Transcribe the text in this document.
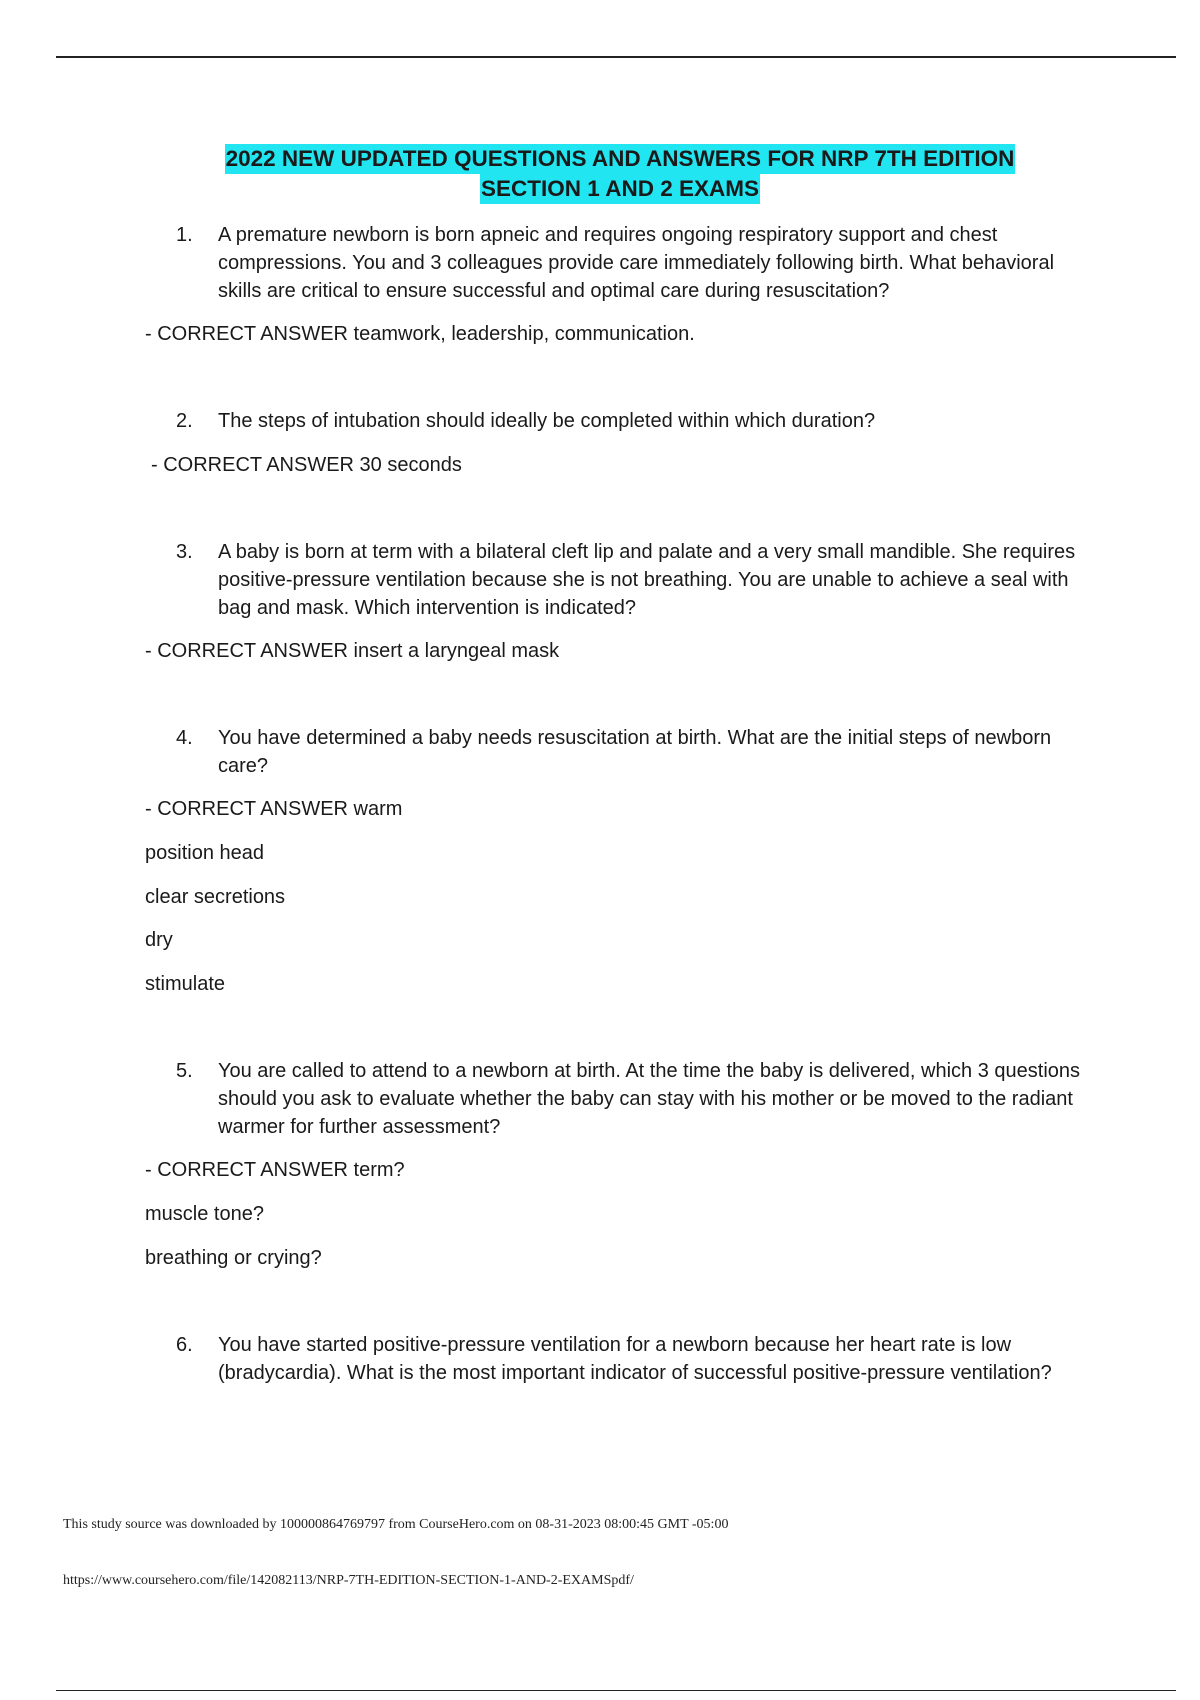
2022 NEW UPDATED QUESTIONS AND ANSWERS FOR NRP 7TH EDITION
SECTION 1 AND 2 EXAMS
1.	A premature newborn is born apneic and requires ongoing respiratory support and chest compressions. You and 3 colleagues provide care immediately following birth. What behavioral skills are critical to ensure successful and optimal care during resuscitation?
- CORRECT ANSWER teamwork, leadership, communication.
2.	The steps of intubation should ideally be completed within which duration?
- CORRECT ANSWER 30 seconds
3.	A baby is born at term with a bilateral cleft lip and palate and a very small mandible. She requires positive-pressure ventilation because she is not breathing. You are unable to achieve a seal with bag and mask. Which intervention is indicated?
- CORRECT ANSWER insert a laryngeal mask
4.	You have determined a baby needs resuscitation at birth. What are the initial steps of newborn care?
- CORRECT ANSWER warm
position head
clear secretions
dry
stimulate
5.	You are called to attend to a newborn at birth. At the time the baby is delivered, which 3 questions should you ask to evaluate whether the baby can stay with his mother or be moved to the radiant warmer for further assessment?
- CORRECT ANSWER term?
muscle tone?
breathing or crying?
6.	You have started positive-pressure ventilation for a newborn because her heart rate is low (bradycardia). What is the most important indicator of successful positive-pressure ventilation?
This study source was downloaded by 100000864769797 from CourseHero.com on 08-31-2023 08:00:45 GMT -05:00
https://www.coursehero.com/file/142082113/NRP-7TH-EDITION-SECTION-1-AND-2-EXAMSpdf/
